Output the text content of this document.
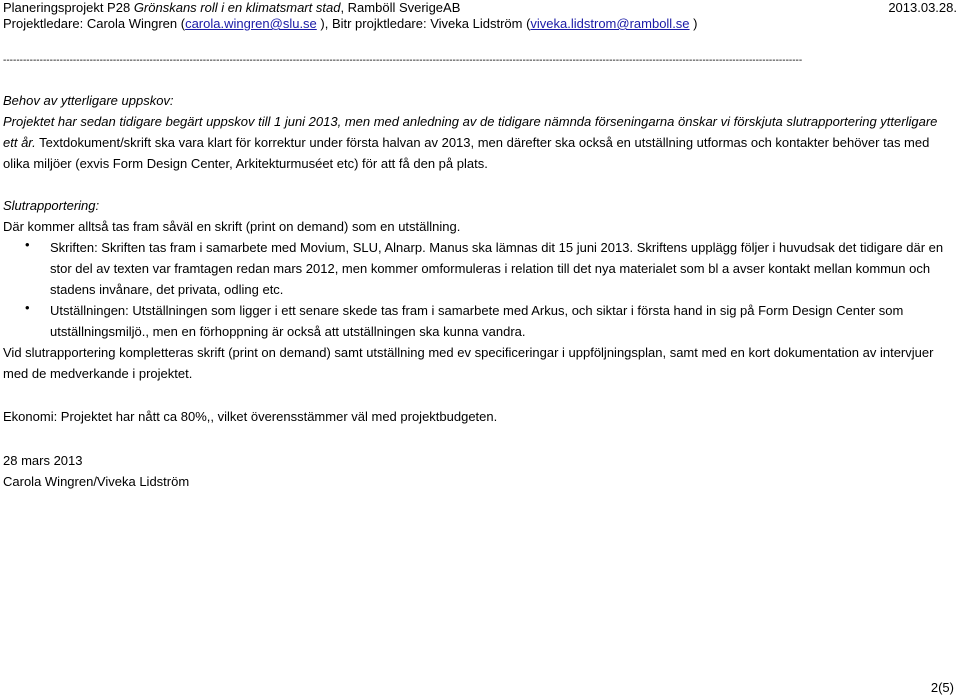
Planeringsprojekt P28 Grönskans roll i en klimatsmart stad, Ramböll SverigeAB	2013.03.28.
Projektledare: Carola Wingren (carola.wingren@slu.se ), Bitr projktledare: Viveka Lidström (viveka.lidstrom@ramboll.se )
------------------------------------------------------------------------------------------------------------------------------------------------------------------------------------------------------------------------------------------------
Behov av ytterligare uppskov:
Projektet har sedan tidigare begärt uppskov till 1 juni 2013, men med anledning av de tidigare nämnda förseningarna önskar vi förskjuta slutrapportering ytterligare ett år. Textdokument/skrift ska vara klart för korrektur under första halvan av 2013, men därefter ska också en utställning utformas och kontakter behöver tas med olika miljöer (exvis Form Design Center, Arkitekturmuséet etc) för att få den på plats.
Slutrapportering:
Där kommer alltså tas fram såväl en skrift (print on demand) som en utställning.
• Skriften: Skriften tas fram i samarbete med Movium, SLU, Alnarp. Manus ska lämnas dit 15 juni 2013. Skriftens upplägg följer i huvudsak det tidigare där en stor del av texten var framtagen redan mars 2012, men kommer omformuleras i relation till det nya materialet som bl a avser kontakt mellan kommun och stadens invånare, det privata, odling etc.
• Utställningen: Utställningen som ligger i ett senare skede tas fram i samarbete med Arkus, och siktar i första hand in sig på Form Design Center som utställningsmiljö., men en förhoppning är också att utställningen ska kunna vandra.
Vid slutrapportering kompletteras skrift (print on demand) samt utställning med ev specificeringar i uppföljningsplan, samt med en kort dokumentation av intervjuer med de medverkande i projektet.
Ekonomi: Projektet har nått ca 80%,, vilket överensstämmer väl med projektbudgeten.
28 mars 2013
Carola Wingren/Viveka Lidström
2(5)
